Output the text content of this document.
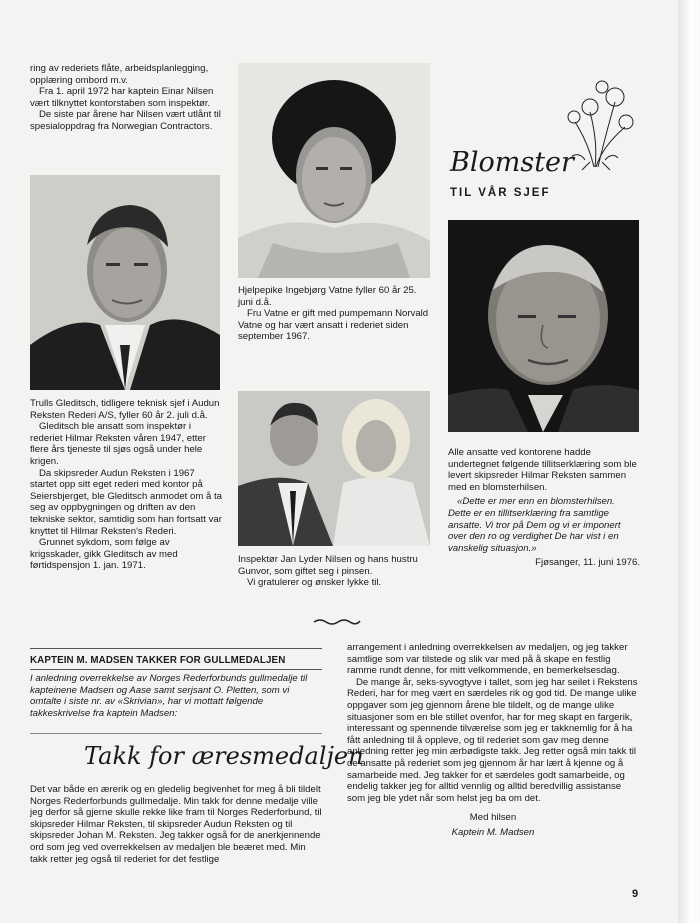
ring av rederiets flåte, arbeidsplanlegging, opplæring ombord m.v.

Fra 1. april 1972 har kaptein Einar Nilsen vært tilknyttet kontorstaben som inspektør.

De siste par årene har Nilsen vært utlånt til spesialoppdrag fra Norwegian Contractors.

Trulls Gleditsch, tidligere teknisk sjef i Audun Reksten Rederi A/S, fyller 60 år 2. juli d.å.

Gleditsch ble ansatt som inspektør i rederiet Hilmar Reksten våren 1947, etter flere års tjeneste til sjøs også under hele krigen.

Da skipsreder Audun Reksten i 1967 startet opp sitt eget rederi med kontor på Seiersbjerget, ble Gleditsch anmodet om å ta seg av oppbygningen og driften av den tekniske sektor, samtidig som han fortsatt var knyttet til Hilmar Reksten's Rederi.

Grunnet sykdom, som følge av krigsskader, gikk Gleditsch av med førtidspensjon 1. jan. 1971.

Hjelpepike Ingebjørg Vatne fyller 60 år 25. juni d.å.

Fru Vatne er gift med pumpemann Norvald Vatne og har vært ansatt i rederiet siden september 1967.

Inspektør Jan Lyder Nilsen og hans hustru Gunvor, som giftet seg i pinsen.

Vi gratulerer og ønsker lykke til.

Blomster
TIL VÅR SJEF

Alle ansatte ved kontorene hadde undertegnet følgende tillitserklæring som ble levert skipsreder Hilmar Reksten sammen med en blomsterhilsen.

«Dette er mer enn en blomsterhilsen. Dette er en tillitserklæring fra samtlige ansatte. Vi tror på Dem og vi er imponert over den ro og verdighet De har vist i en vanskelig situasjon.»

Fjøsanger, 11. juni 1976.

KAPTEIN M. MADSEN TAKKER FOR GULLMEDALJEN
I anledning overrekkelse av Norges Rederforbunds gullmedalje til kapteinene Madsen og Aase samt serjsant O. Pletten, som vi omtalte i siste nr. av «Skrivian», har vi mottatt følgende takkeskrivelse fra kaptein Madsen:
Takk for æresmedaljen

Det var både en ærerik og en gledelig begivenhet for meg å bli tildelt Norges Rederforbunds gullmedalje. Min takk for denne medalje ville jeg derfor så gjerne skulle rekke like fram til Norges Rederforbund, til skipsreder Hilmar Reksten, til skipsreder Audun Reksten og til skipsreder Johan M. Reksten. Jeg takker også for de anerkjennende ord som jeg ved overrekkelsen av medaljen ble beæret med. Min takk retter jeg også til rederiet for det festlige

arrangement i anledning overrekkelsen av medaljen, og jeg takker samtlige som var tilstede og slik var med på å skape en festlig ramme rundt denne, for mitt velkommende, en bemerkelsesdag.

De mange år, seks-syvogtyve i tallet, som jeg har seilet i Rekstens Rederi, har for meg vært en særdeles rik og god tid. De mange ulike oppgaver som jeg gjennom årene ble tildelt, og de mange ulike situasjoner som en ble stillet ovenfor, har for meg skapt en fargerik, interessant og spennende tilværelse som jeg er takknemlig for å ha fått anledning til å oppleve, og til rederiet som gav meg denne anledning retter jeg min ærbødigste takk. Jeg retter også min takk til de ansatte på rederiet som jeg gjennom år har lært å kjenne og å samarbeide med. Jeg takker for et særdeles godt samarbeide, og endelig takker jeg for alltid vennlig og alltid beredvillig assistanse som jeg ble ydet når som helst jeg ba om det.

Med hilsen

Kaptein M. Madsen

9
